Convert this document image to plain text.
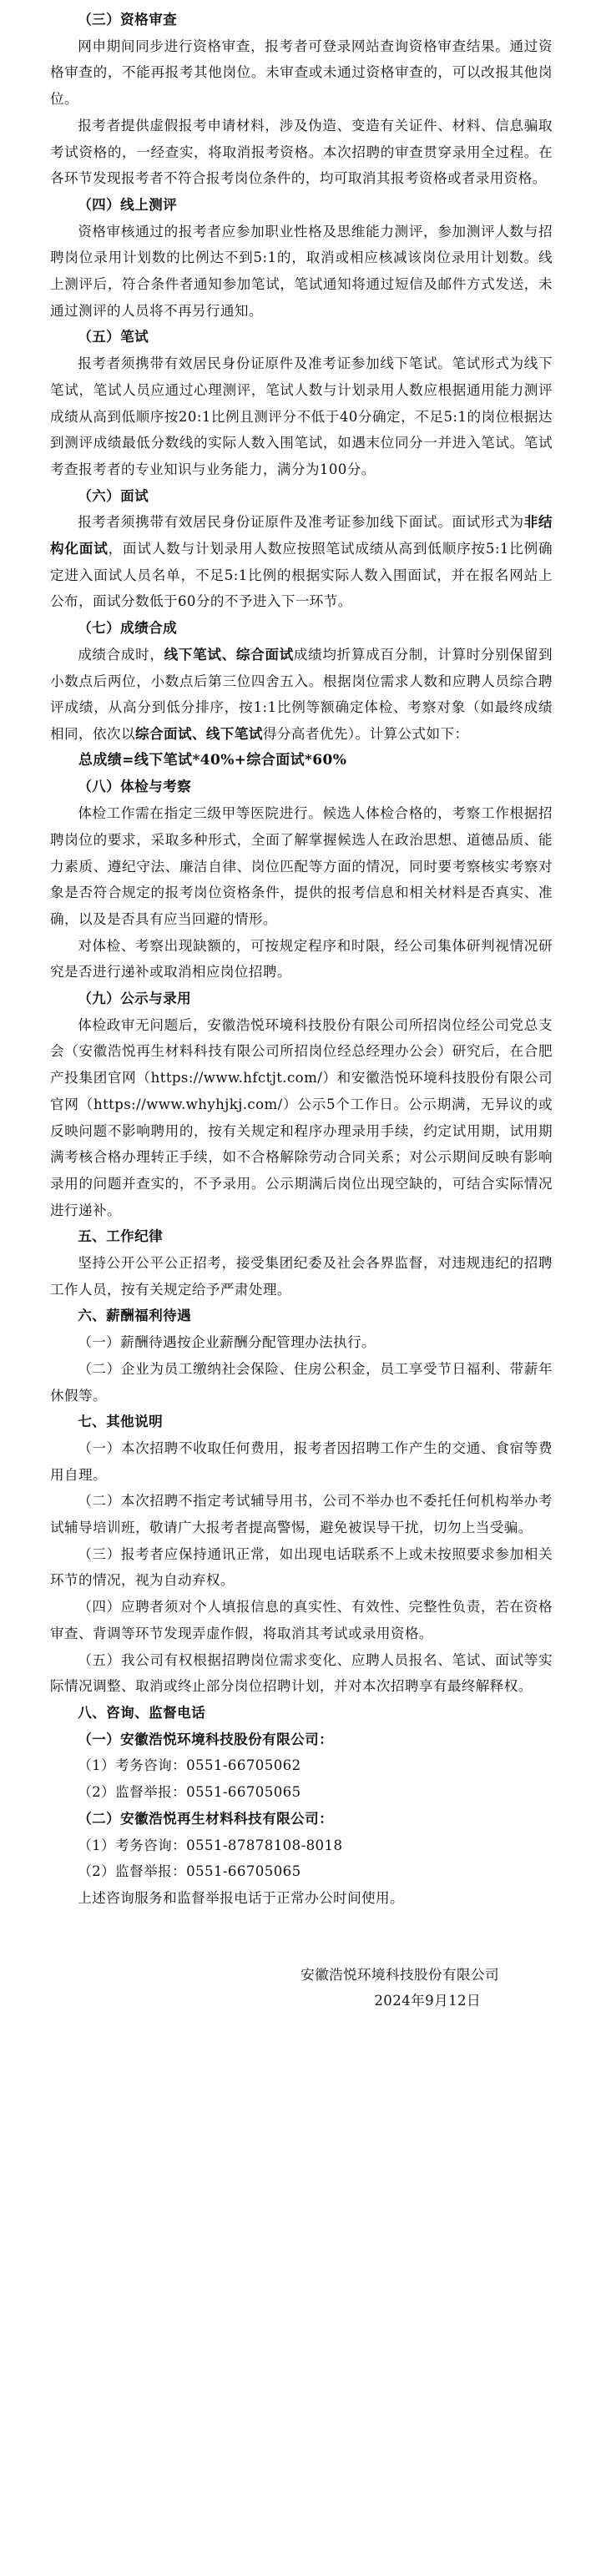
（三）资格审查

网申期间同步进行资格审查，报考者可登录网站查询资格审查结果。通过资格审查的，不能再报考其他岗位。未审查或未通过资格审查的，可以改报其他岗位。

报考者提供虚假报考申请材料，涉及伪造、变造有关证件、材料、信息骗取考试资格的，一经查实，将取消报考资格。本次招聘的审查贯穿录用全过程。在各环节发现报考者不符合报考岗位条件的，均可取消其报考资格或者录用资格。

（四）线上测评

资格审核通过的报考者应参加职业性格及思维能力测评，参加测评人数与招聘岗位录用计划数的比例达不到5:1的，取消或相应核减该岗位录用计划数。线上测评后，符合条件者通知参加笔试，笔试通知将通过短信及邮件方式发送，未通过测评的人员将不再另行通知。

（五）笔试

报考者须携带有效居民身份证原件及准考证参加线下笔试。笔试形式为线下笔试，笔试人员应通过心理测评，笔试人数与计划录用人数应根据通用能力测评成绩从高到低顺序按20:1比例且测评分不低于40分确定，不足5:1的岗位根据达到测评成绩最低分数线的实际人数入围笔试，如遇末位同分一并进入笔试。笔试考查报考者的专业知识与业务能力，满分为100分。

（六）面试

报考者须携带有效居民身份证原件及准考证参加线下面试。面试形式为非结构化面试，面试人数与计划录用人数应按照笔试成绩从高到低顺序按5:1比例确定进入面试人员名单，不足5:1比例的根据实际人数入围面试，并在报名网站上公布，面试分数低于60分的不予进入下一环节。

（七）成绩合成

成绩合成时，线下笔试、综合面试成绩均折算成百分制，计算时分别保留到小数点后两位，小数点后第三位四舍五入。根据岗位需求人数和应聘人员综合聘评成绩，从高分到低分排序，按1:1比例等额确定体检、考察对象（如最终成绩相同，依次以综合面试、线下笔试得分高者优先）。计算公式如下：

总成绩=线下笔试*40%+综合面试*60%

（八）体检与考察

体检工作需在指定三级甲等医院进行。候选人体检合格的，考察工作根据招聘岗位的要求，采取多种形式，全面了解掌握候选人在政治思想、道德品质、能力素质、遵纪守法、廉洁自律、岗位匹配等方面的情况，同时要考察核实考察对象是否符合规定的报考岗位资格条件，提供的报考信息和相关材料是否真实、准确，以及是否具有应当回避的情形。

对体检、考察出现缺额的，可按规定程序和时限，经公司集体研判视情况研究是否进行递补或取消相应岗位招聘。

（九）公示与录用

体检政审无问题后，安徽浩悦环境科技股份有限公司所招岗位经公司党总支会（安徽浩悦再生材料科技有限公司所招岗位经总经理办公会）研究后，在合肥产投集团官网（https://www.hfctjt.com/）和安徽浩悦环境科技股份有限公司官网（https://www.whyhjkj.com/）公示5个工作日。公示期满，无异议的或反映问题不影响聘用的，按有关规定和程序办理录用手续，约定试用期，试用期满考核合格办理转正手续，如不合格解除劳动合同关系；对公示期间反映有影响录用的问题并查实的，不予录用。公示期满后岗位出现空缺的，可结合实际情况进行递补。

五、工作纪律

坚持公开公平公正招考，接受集团纪委及社会各界监督，对违规违纪的招聘工作人员，按有关规定给予严肃处理。

六、薪酬福利待遇

（一）薪酬待遇按企业薪酬分配管理办法执行。

（二）企业为员工缴纳社会保险、住房公积金，员工享受节日福利、带薪年休假等。

七、其他说明

（一）本次招聘不收取任何费用，报考者因招聘工作产生的交通、食宿等费用自理。

（二）本次招聘不指定考试辅导用书，公司不举办也不委托任何机构举办考试辅导培训班，敬请广大报考者提高警惕，避免被误导干扰，切勿上当受骗。

（三）报考者应保持通讯正常，如出现电话联系不上或未按照要求参加相关环节的情况，视为自动弃权。

（四）应聘者须对个人填报信息的真实性、有效性、完整性负责，若在资格审查、背调等环节发现弄虚作假，将取消其考试或录用资格。

（五）我公司有权根据招聘岗位需求变化、应聘人员报名、笔试、面试等实际情况调整、取消或终止部分岗位招聘计划，并对本次招聘享有最终解释权。

八、咨询、监督电话

（一）安徽浩悦环境科技股份有限公司：

（1）考务咨询：0551-66705062

（2）监督举报：0551-66705065

（二）安徽浩悦再生材料科技有限公司：

（1）考务咨询：0551-87878108-8018

（2）监督举报：0551-66705065

上述咨询服务和监督举报电话于正常办公时间使用。

安徽浩悦环境科技股份有限公司

2024年9月12日
